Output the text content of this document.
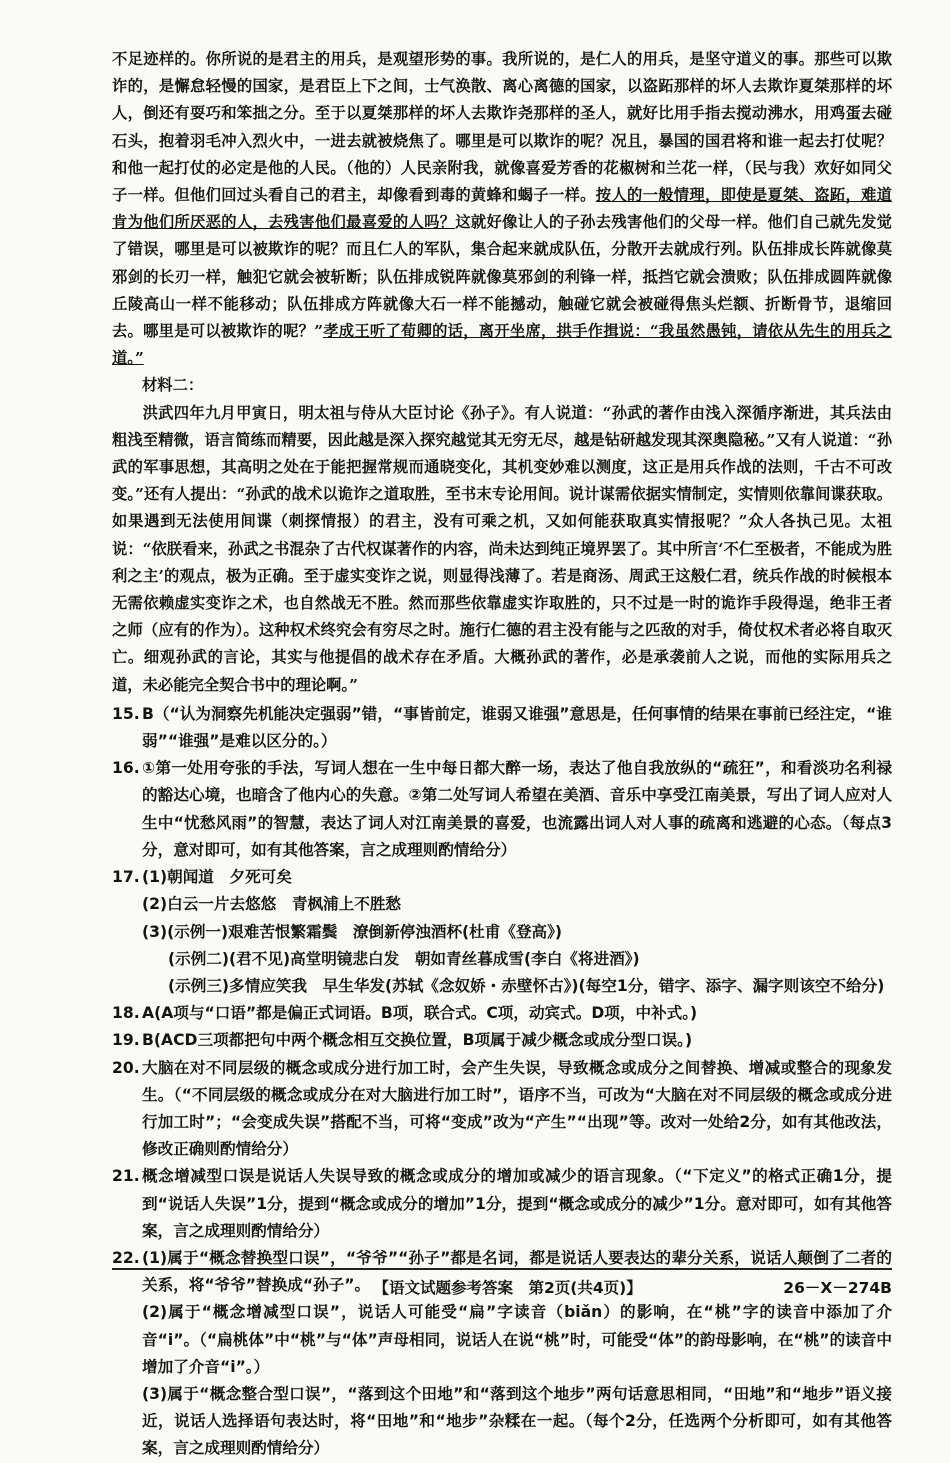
不足迹样的。你所说的是君主的用兵，是观望形势的事。我所说的，是仁人的用兵，是坚守道义的事。那些可以欺诈的，是懈怠轻慢的国家，是君臣上下之间，士气涣散、离心离德的国家，以盗跖那样的坏人去欺诈夏桀那样的坏人，倒还有耍巧和笨拙之分。至于以夏桀那样的坏人去欺诈尧那样的圣人，就好比用手指去搅动沸水，用鸡蛋去碰石头，抱着羽毛冲入烈火中，一进去就被烧焦了。哪里是可以欺诈的呢？况且，暴国的国君将和谁一起去打仗呢？和他一起打仗的必定是他的人民。（他的）人民亲附我，就像喜爱芳香的花椒树和兰花一样，（民与我）欢好如同父子一样。但他们回过头看自己的君主，却像看到毒的黄蜂和蝎子一样。按人的一般情理，即使是夏桀、盗跖，难道肯为他们所厌恶的人，去残害他们最喜爱的人吗？这就好像让人的子孙去残害他们的父母一样。他们自己就先发觉了错误，哪里是可以被欺诈的呢？而且仁人的军队，集合起来就成队伍，分散开去就成行列。队伍排成长阵就像莫邪剑的长刃一样，触犯它就会被斩断；队伍排成锐阵就像莫邪剑的利锋一样，抵挡它就会溃败；队伍排成圆阵就像丘陵高山一样不能移动；队伍排成方阵就像大石一样不能撼动，触碰它就会被碰得焦头烂额、折断骨节，退缩回去。哪里是可以被欺诈的呢？”孝成王听了荀卿的话，离开坐席，拱手作揖说：“我虽然愚钝，请依从先生的用兵之道。”

材料二：

洪武四年九月甲寅日，明太祖与侍从大臣讨论《孙子》。有人说道：“孙武的著作由浅入深循序渐进，其兵法由粗浅至精微，语言简练而精要，因此越是深入探究越觉其无穷无尽，越是钻研越发现其深奥隐秘。”又有人说道：“孙武的军事思想，其高明之处在于能把握常规而通晓变化，其机变妙难以测度，这正是用兵作战的法则，千古不可改变。”还有人提出：“孙武的战术以诡诈之道取胜，至书末专论用间。说计谋需依据实情制定，实情则依靠间谍获取。如果遇到无法使用间谍（刺探情报）的君主，没有可乘之机，又如何能获取真实情报呢？”众人各执己见。太祖说：“依朕看来，孙武之书混杂了古代权谋著作的内容，尚未达到纯正境界罢了。其中所言‘不仁至极者，不能成为胜利之主’的观点，极为正确。至于虚实变诈之说，则显得浅薄了。若是商汤、周武王这般仁君，统兵作战的时候根本无需依赖虚实变诈之术，也自然战无不胜。然而那些依靠虚实诈取胜的，只不过是一时的诡诈手段得逞，绝非王者之师（应有的作为）。这种权术终究会有穷尽之时。施行仁德的君主没有能与之匹敌的对手，倚仗权术者必将自取灭亡。细观孙武的言论，其实与他提倡的战术存在矛盾。大概孙武的著作，必是承袭前人之说，而他的实际用兵之道，未必能完全契合书中的理论啊。”

15. B（“认为洞察先机能决定强弱”错，“事皆前定，谁弱又谁强”意思是，任何事情的结果在事前已经注定，“谁弱”“谁强”是难以区分的。）

16. ①第一处用夸张的手法，写词人想在一生中每日都大醉一场，表达了他自我放纵的“疏狂”，和看淡功名利禄的豁达心境，也暗含了他内心的失意。②第二处写词人希望在美酒、音乐中享受江南美景，写出了词人应对人生中“忧愁风雨”的智慧，表达了词人对江南美景的喜爱，也流露出词人对人事的疏离和逃避的心态。（每点3分，意对即可，如有其他答案，言之成理则酌情给分）

17. (1)朝闻道　夕死可矣

(2)白云一片去悠悠　青枫浦上不胜愁

(3)(示例一)艰难苦恨繁霜鬓　潦倒新停浊酒杯(杜甫《登高》)

(示例二)(君不见)高堂明镜悲白发　朝如青丝暮成雪(李白《将进酒》)

(示例三)多情应笑我　早生华发(苏轼《念奴娇・赤壁怀古》)(每空1分，错字、添字、漏字则该空不给分)

18. A(A项与“口语”都是偏正式词语。B项，联合式。C项，动宾式。D项，中补式。)

19. B(ACD三项都把句中两个概念相互交换位置，B项属于减少概念或成分型口误。)

20. 大脑在对不同层级的概念或成分进行加工时，会产生失误，导致概念或成分之间替换、增减或整合的现象发生。（“不同层级的概念或成分在对大脑进行加工时”，语序不当，可改为“大脑在对不同层级的概念或成分进行加工时”；“会变成失误”搭配不当，可将“变成”改为“产生”“出现”等。改对一处给2分，如有其他改法，修改正确则酌情给分）

21. 概念增减型口误是说话人失误导致的概念或成分的增加或减少的语言现象。（“下定义”的格式正确1分，提到“说话人失误”1分，提到“概念或成分的增加”1分，提到“概念或成分的减少”1分。意对即可，如有其他答案，言之成理则酌情给分）

22. (1)属于“概念替换型口误”，“爷爷”“孙子”都是名词，都是说话人要表达的辈分关系，说话人颠倒了二者的关系，将“爷爷”替换成“孙子”。

(2)属于“概念增减型口误”，说话人可能受“扁”字读音（biǎn）的影响，在“桃”字的读音中添加了介音“i”。（“扁桃体”中“桃”与“体”声母相同，说话人在说“桃”时，可能受“体”的韵母影响，在“桃”的读音中增加了介音“i”。）

(3)属于“概念整合型口误”，“落到这个田地”和“落到这个地步”两句话意思相同，“田地”和“地步”语义接近，说话人选择语句表达时，将“田地”和“地步”杂糅在一起。（每个2分，任选两个分析即可，如有其他答案，言之成理则酌情给分）

【语文试题参考答案　第2页(共4页)】	26－X－274B
